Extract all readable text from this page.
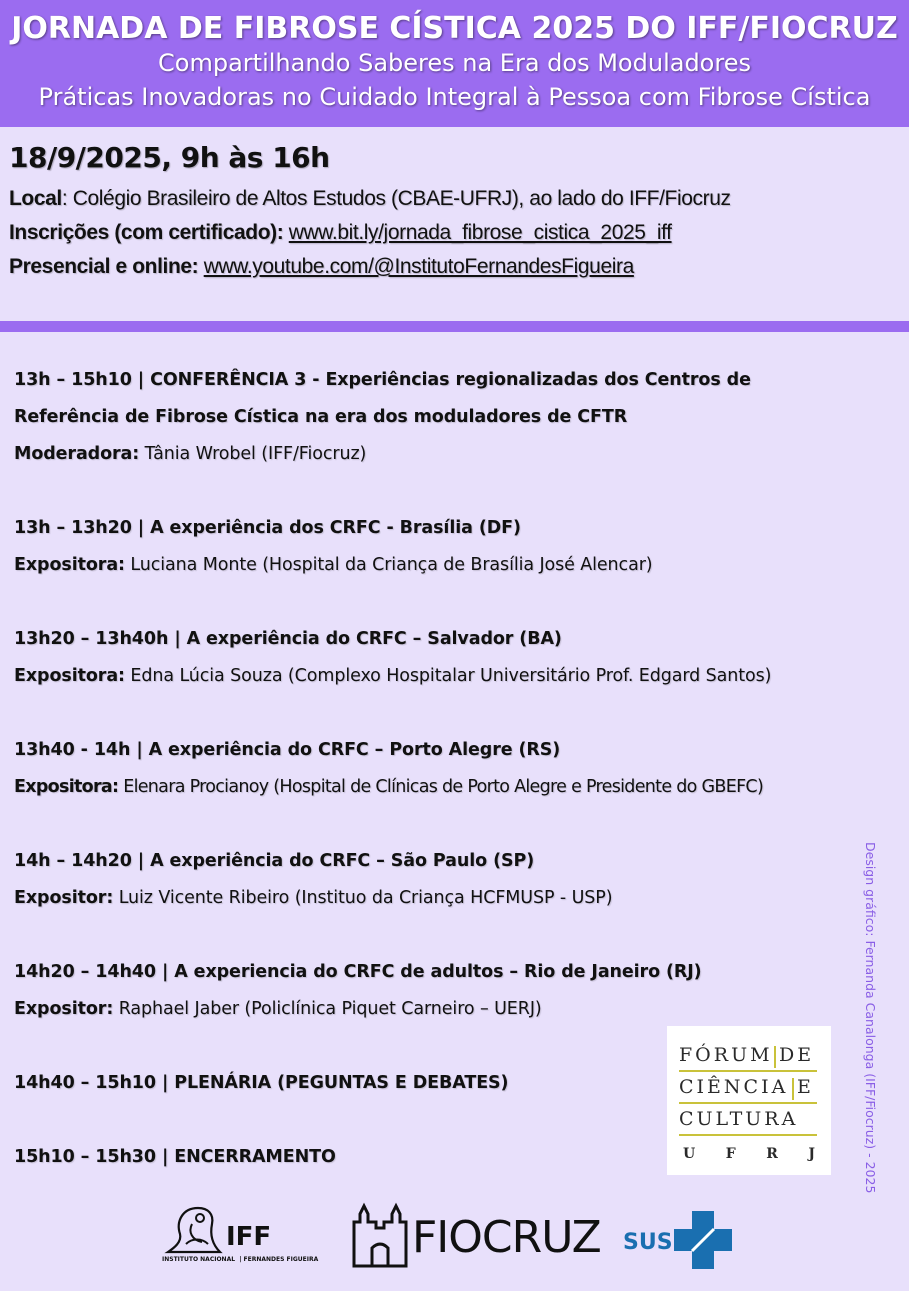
JORNADA DE FIBROSE CÍSTICA 2025 DO IFF/FIOCRUZ
Compartilhando Saberes na Era dos Moduladores
Práticas Inovadoras no Cuidado Integral à Pessoa com Fibrose Cística
18/9/2025, 9h às 16h
Local: Colégio Brasileiro de Altos Estudos (CBAE-UFRJ), ao lado do IFF/Fiocruz
Inscrições (com certificado): www.bit.ly/jornada_fibrose_cistica_2025_iff
Presencial e online: www.youtube.com/@InstitutoFernandesFigueira
13h – 15h10 | CONFERÊNCIA 3 - Experiências regionalizadas dos Centros de
Referência de Fibrose Cística na era dos moduladores de CFTR
Moderadora: Tânia Wrobel (IFF/Fiocruz)
13h – 13h20 | A experiência dos CRFC - Brasília (DF)
Expositora: Luciana Monte (Hospital da Criança de Brasília José Alencar)
13h20 – 13h40h | A experiência do CRFC – Salvador (BA)
Expositora: Edna Lúcia Souza (Complexo Hospitalar Universitário Prof. Edgard Santos)
13h40 - 14h | A experiência do CRFC – Porto Alegre (RS)
Expositora: Elenara Procianoy (Hospital de Clínicas de Porto Alegre e Presidente do GBEFC)
14h – 14h20 | A experiência do CRFC – São Paulo (SP)
Expositor: Luiz Vicente Ribeiro (Instituo da Criança HCFMUSP - USP)
14h20 – 14h40 | A experiencia do CRFC de adultos – Rio de Janeiro (RJ)
Expositor: Raphael Jaber (Policlínica Piquet Carneiro – UERJ)
14h40 – 15h10 | PLENÁRIA (PEGUNTAS E DEBATES)
15h10 – 15h30 | ENCERRAMENTO	Design gráfico: Fernanda Canalonga (IFF/Fiocruz) - 2025
FÓRUM DE
CIÊNCIA E
CULTURA
U F R J
IFF
INSTITUTO NACIONAL  | FERNANDES FIGUEIRA FIOCRUZ SUS
